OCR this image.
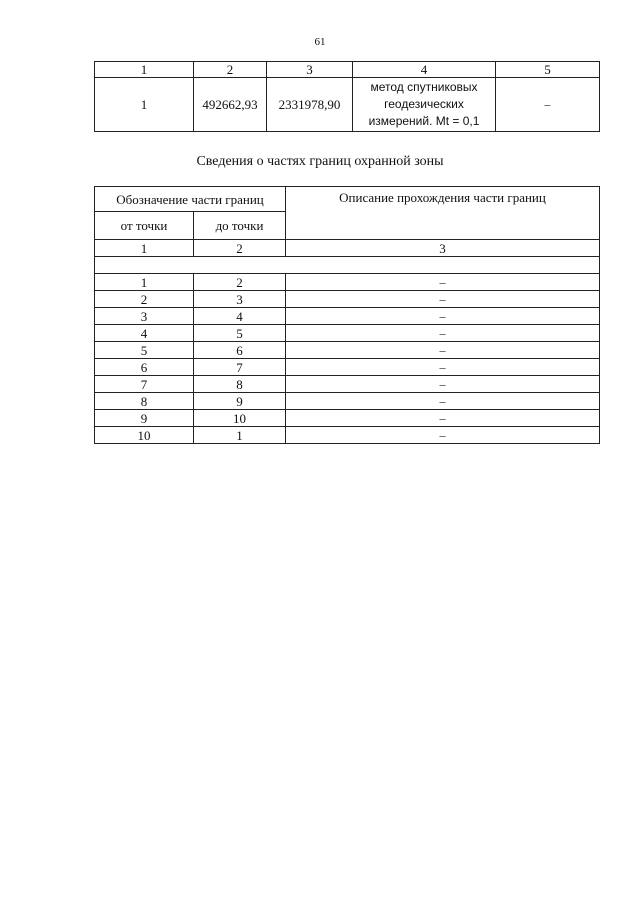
61
1	2	3	4	5
1	492662,93	2331978,90	метод спутниковых
геодезических
измерений. Mt = 0,1	–
Сведения о частях границ охранной зоны
Обозначение части границ		Описание прохождения части границ
от точки	до точки	
1	2	3

1	2	–
2	3	–
3	4	–
4	5	–
5	6	–
6	7	–
7	8	–
8	9	–
9	10	–
10	1	–
